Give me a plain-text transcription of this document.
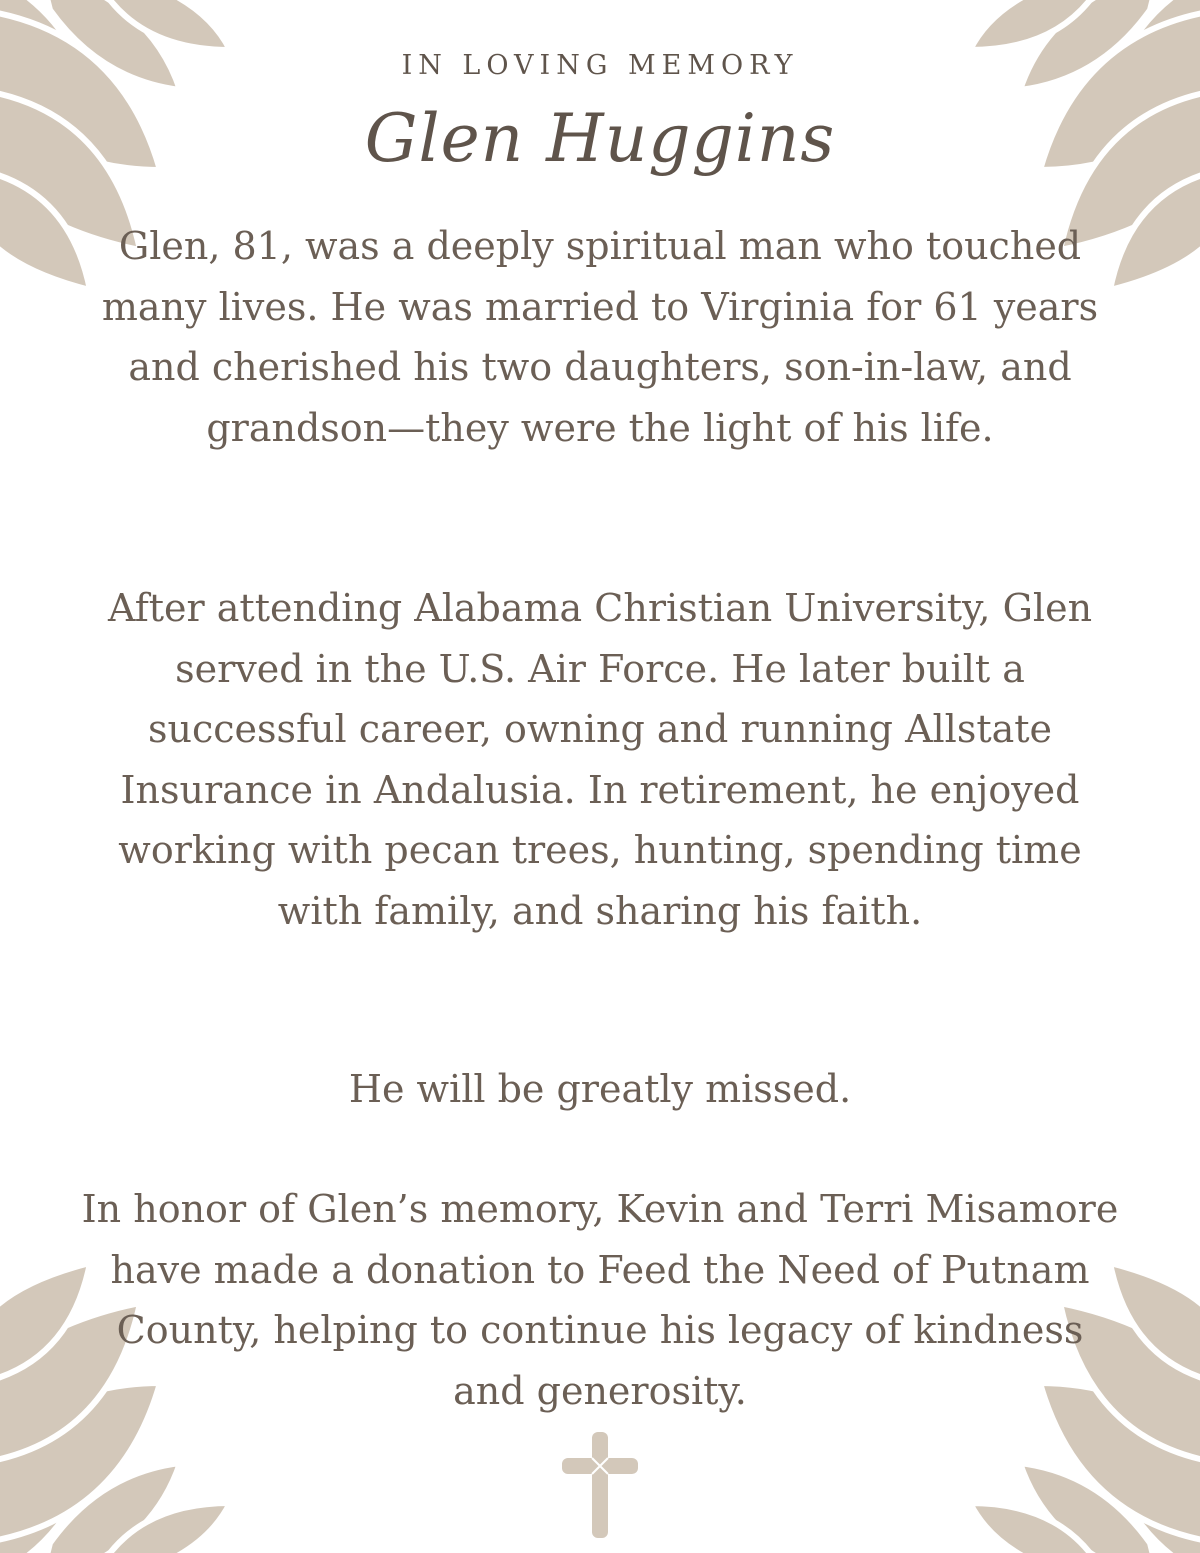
IN LOVING MEMORY
Glen Huggins
Glen, 81, was a deeply spiritual man who touched many lives. He was married to Virginia for 61 years and cherished his two daughters, son-in-law, and grandson—they were the light of his life.
After attending Alabama Christian University, Glen served in the U.S. Air Force. He later built a successful career, owning and running Allstate Insurance in Andalusia. In retirement, he enjoyed working with pecan trees, hunting, spending time with family, and sharing his faith.
He will be greatly missed.
In honor of Glen’s memory, Kevin and Terri Misamore have made a donation to Feed the Need of Putnam County, helping to continue his legacy of kindness and generosity.
